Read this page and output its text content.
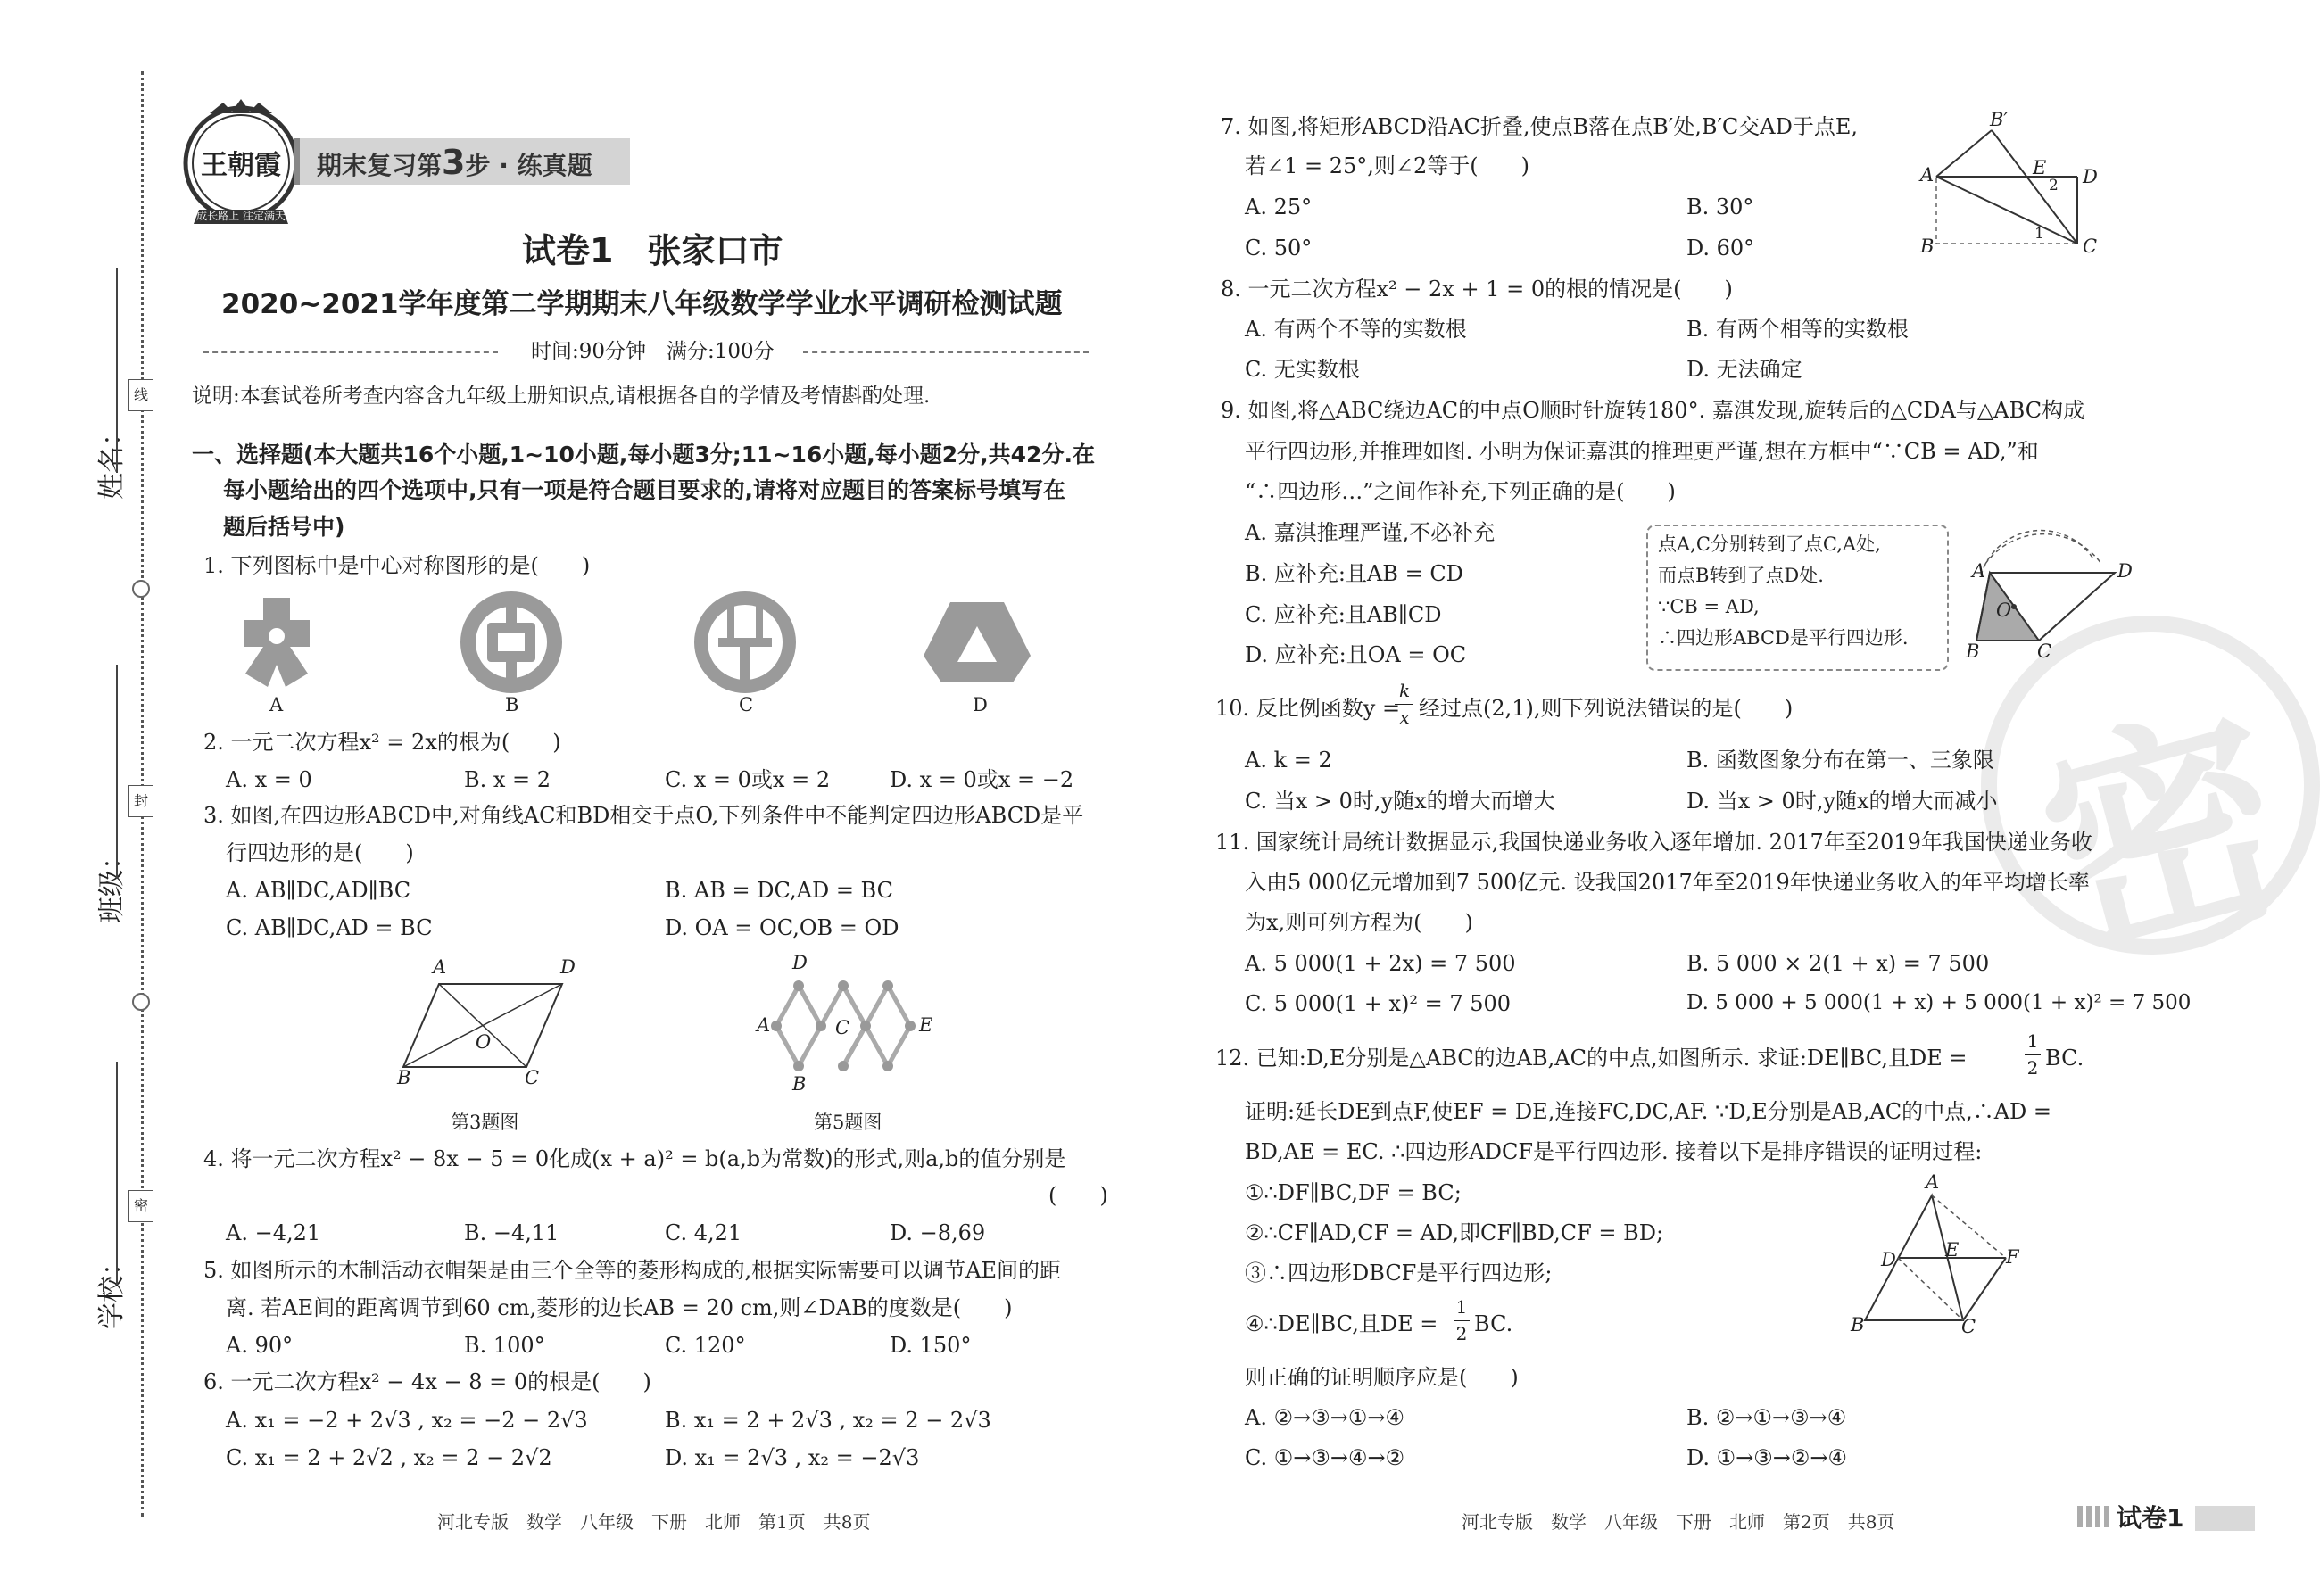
线
封
密
姓名：
班级：
学校：
王朝霞
成长路上 注定满天
期末复习第3步 · 练真题
试卷1　张家口市
2020~2021学年度第二学期期末八年级数学学业水平调研检测试题
时间:90分钟　满分:100分
说明:本套试卷所考查内容含九年级上册知识点,请根据各自的学情及考情斟酌处理.
一、选择题(本大题共16个小题,1~10小题,每小题3分;11~16小题,每小题2分,共42分.在
每小题给出的四个选项中,只有一项是符合题目要求的,请将对应题目的答案标号填写在
题后括号中)
1. 下列图标中是中心对称图形的是(　　)
A	B	C	D
2. 一元二次方程x² = 2x的根为(　　)
A. x = 0	B. x = 2	C. x = 0或x = 2	D. x = 0或x = −2
3. 如图,在四边形ABCD中,对角线AC和BD相交于点O,下列条件中不能判定四边形ABCD是平
行四边形的是(　　)
A. AB∥DC,AD∥BC	B. AB = DC,AD = BC
C. AB∥DC,AD = BC	D. OA = OC,OB = OD
A	D
B	C
O
第3题图
D
A	C	E
B
第5题图
4. 将一元二次方程x² − 8x − 5 = 0化成(x + a)² = b(a,b为常数)的形式,则a,b的值分别是
(　　)
A. −4,21	B. −4,11	C. 4,21	D. −8,69
5. 如图所示的木制活动衣帽架是由三个全等的菱形构成的,根据实际需要可以调节AE间的距
离. 若AE间的距离调节到60 cm,菱形的边长AB = 20 cm,则∠DAB的度数是(　　)
A. 90°	B. 100°	C. 120°	D. 150°
6. 一元二次方程x² − 4x − 8 = 0的根是(　　)
A. x₁ = −2 + 2√3 , x₂ = −2 − 2√3	B. x₁ = 2 + 2√3 , x₂ = 2 − 2√3
C. x₁ = 2 + 2√2 , x₂ = 2 − 2√2	D. x₁ = 2√3 , x₂ = −2√3
河北专版　数学　八年级　下册　北师　第1页　共8页
密
7. 如图,将矩形ABCD沿AC折叠,使点B落在点B′处,B′C交AD于点E,
若∠1 = 25°,则∠2等于(　　)
A. 25°	B. 30°
C. 50°	D. 60°
B′
A	E
2 D
1
B	C
8. 一元二次方程x² − 2x + 1 = 0的根的情况是(　　)
A. 有两个不等的实数根	B. 有两个相等的实数根
C. 无实数根	D. 无法确定
9. 如图,将△ABC绕边AC的中点O顺时针旋转180°. 嘉淇发现,旋转后的△CDA与△ABC构成
平行四边形,并推理如图. 小明为保证嘉淇的推理更严谨,想在方框中“∵CB = AD,”和
“∴四边形…”之间作补充,下列正确的是(　　)
A. 嘉淇推理严谨,不必补充
B. 应补充:且AB = CD
C. 应补充:且AB∥CD
D. 应补充:且OA = OC
点A,C分别转到了点C,A处,
而点B转到了点D处.
∵CB = AD,
∴四边形ABCD是平行四边形.
A	D
O
B	C
10. 反比例函数y =
k
x 经过点(2,1),则下列说法错误的是(　　)
A. k = 2	B. 函数图象分布在第一、三象限
C. 当x > 0时,y随x的增大而增大	D. 当x > 0时,y随x的增大而减小
11. 国家统计局统计数据显示,我国快递业务收入逐年增加. 2017年至2019年我国快递业务收
入由5 000亿元增加到7 500亿元. 设我国2017年至2019年快递业务收入的年平均增长率
为x,则可列方程为(　　)
A. 5 000(1 + 2x) = 7 500	B. 5 000 × 2(1 + x) = 7 500
C. 5 000(1 + x)² = 7 500	D. 5 000 + 5 000(1 + x) + 5 000(1 + x)² = 7 500
12. 已知:D,E分别是△ABC的边AB,AC的中点,如图所示. 求证:DE∥BC,且DE =
1
2 BC.
证明:延长DE到点F,使EF = DE,连接FC,DC,AF. ∵D,E分别是AB,AC的中点,∴AD =
BD,AE = EC. ∴四边形ADCF是平行四边形. 接着以下是排序错误的证明过程:
①∴DF∥BC,DF = BC;
②∴CF∥AD,CF = AD,即CF∥BD,CF = BD;
③∴四边形DBCF是平行四边形;
④∴DE∥BC,且DE =
1
2 BC.
则正确的证明顺序应是(　　)
A. ②→③→①→④	B. ②→①→③→④
C. ①→③→④→②	D. ①→③→②→④
A
D	E	F
B	C
河北专版　数学　八年级　下册　北师　第2页　共8页	试卷1
